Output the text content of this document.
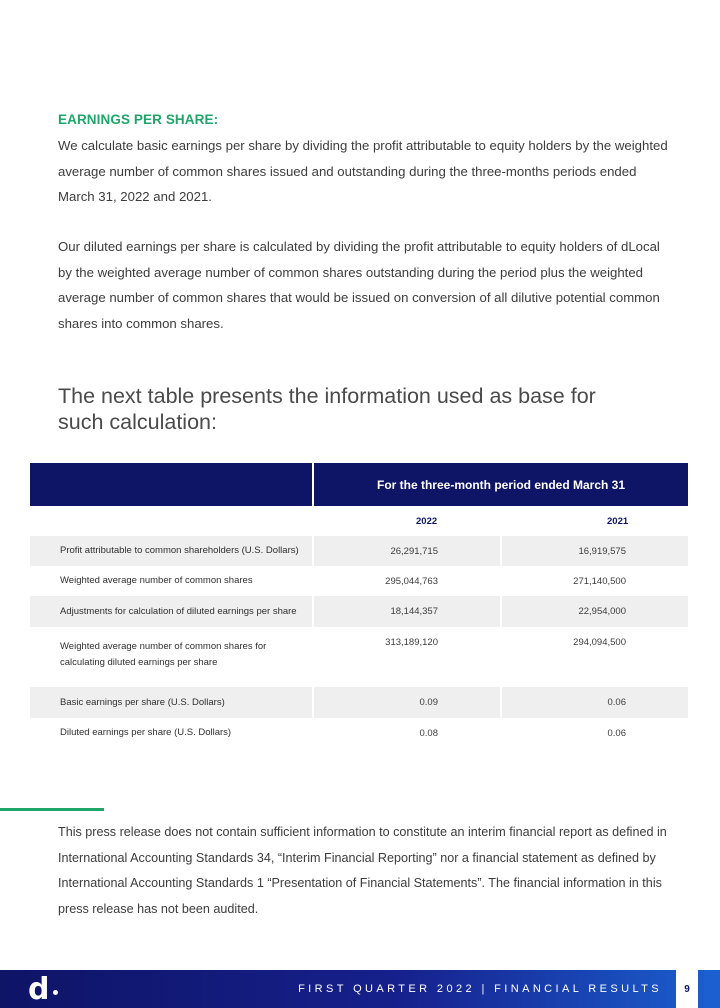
EARNINGS PER SHARE:

We calculate basic earnings per share by dividing the profit attributable to equity holders by the weighted average number of common shares issued and outstanding during the three-months periods ended March 31, 2022 and 2021.

Our diluted earnings per share is calculated by dividing the profit attributable to equity holders of dLocal by the weighted average number of common shares outstanding during the period plus the weighted average number of common shares that would be issued on conversion of all dilutive potential common shares into common shares.

The next table presents the information used as base for such calculation:
For the three-month period ended March 31
2022	2021
Profit attributable to common shareholders (U.S. Dollars)	26,291,715	16,919,575
Weighted average number of common shares	295,044,763	271,140,500
Adjustments for calculation of diluted earnings per share	18,144,357	22,954,000
Weighted average number of common shares for calculating diluted earnings per share
313,189,120	294,094,500
Basic earnings per share (U.S. Dollars)	0.09	0.06
Diluted earnings per share (U.S. Dollars)	0.08	0.06

This press release does not contain sufficient information to constitute an interim financial report as defined in International Accounting Standards 34, “Interim Financial Reporting” nor a financial statement as defined by International Accounting Standards 1 “Presentation of Financial Statements”. The financial information in this press release has not been audited.

d	FIRST QUARTER 2022 | FINANCIAL RESULTS	9
